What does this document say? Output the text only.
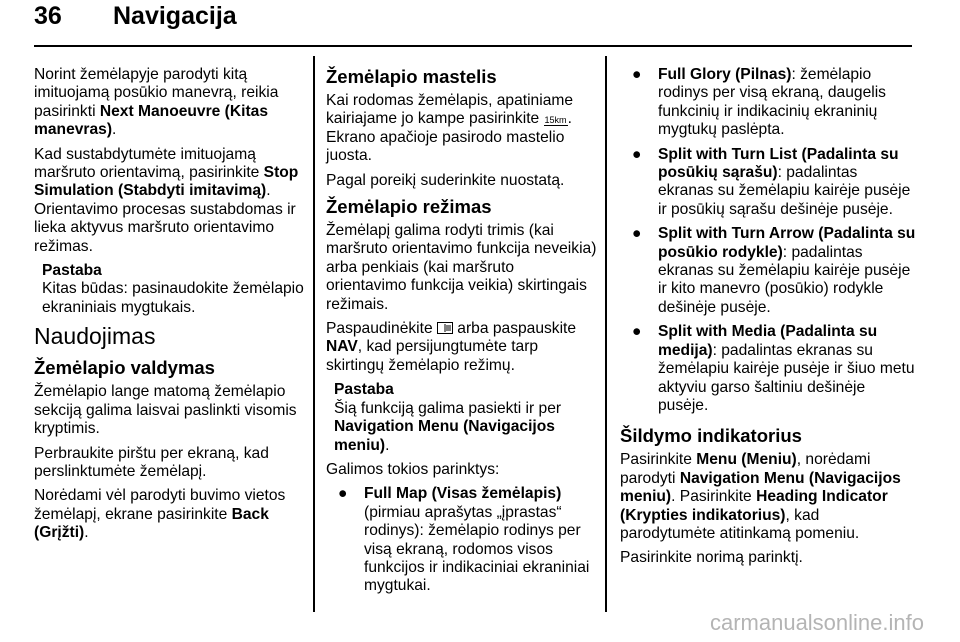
36 Navigacija

Norint žemėlapyje parodyti kitą imituojamą posūkio manevrą, reikia pasirinkti Next Manoeuvre (Kitas manevras).

Kad sustabdytumėte imituojamą maršruto orientavimą, pasirinkite Stop Simulation (Stabdyti imitavimą). Orientavimo procesas sustabdomas ir lieka aktyvus maršruto orientavimo režimas.

Pastaba
Kitas būdas: pasinaudokite žemėlapio ekraniniais mygtukais.
Naudojimas
Žemėlapio valdymas

Žemėlapio lange matomą žemėlapio sekciją galima laisvai paslinkti visomis kryptimis.

Perbraukite pirštu per ekraną, kad perslinktumėte žemėlapį.

Norėdami vėl parodyti buvimo vietos žemėlapį, ekrane pasirinkite Back (Grįžti).

Žemėlapio mastelis

Kai rodomas žemėlapis, apatiniame kairiajame jo kampe pasirinkite 15km. Ekrano apačioje pasirodo mastelio juosta.

Pagal poreikį suderinkite nuostatą.

Žemėlapio režimas

Žemėlapį galima rodyti trimis (kai maršruto orientavimo funkcija neveikia) arba penkiais (kai maršruto orientavimo funkcija veikia) skirtingais režimais.

Paspaudinėkite
arba paspauskite NAV, kad persijungtumėte tarp skirtingų žemėlapio režimų.

Pastaba
Šią funkciją galima pasiekti ir per Navigation Menu (Navigacijos meniu).

Galimos tokios parinktys:

● Full Map (Visas žemėlapis)
(pirmiau aprašytas „įprastas“ rodinys): žemėlapio rodinys per visą ekraną, rodomos visos funkcijos ir indikaciniai ekraniniai mygtukai.
● Full Glory (Pilnas): žemėlapio rodinys per visą ekraną, daugelis funkcinių ir indikacinių ekraninių mygtukų paslėpta.
● Split with Turn List (Padalinta su posūkių sąrašu): padalintas ekranas su žemėlapiu kairėje pusėje ir posūkių sąrašu dešinėje pusėje.
● Split with Turn Arrow (Padalinta su posūkio rodykle): padalintas ekranas su žemėlapiu kairėje pusėje ir kito manevro (posūkio) rodykle dešinėje pusėje.
● Split with Media (Padalinta su medija): padalintas ekranas su žemėlapiu kairėje pusėje ir šiuo metu aktyviu garso šaltiniu dešinėje pusėje.
Šildymo indikatorius

Pasirinkite Menu (Meniu), norėdami parodyti Navigation Menu (Navigacijos meniu). Pasirinkite Heading Indicator (Krypties indikatorius), kad parodytumėte atitinkamą pomeniu.

Pasirinkite norimą parinktį.

carmanualsonline.info
